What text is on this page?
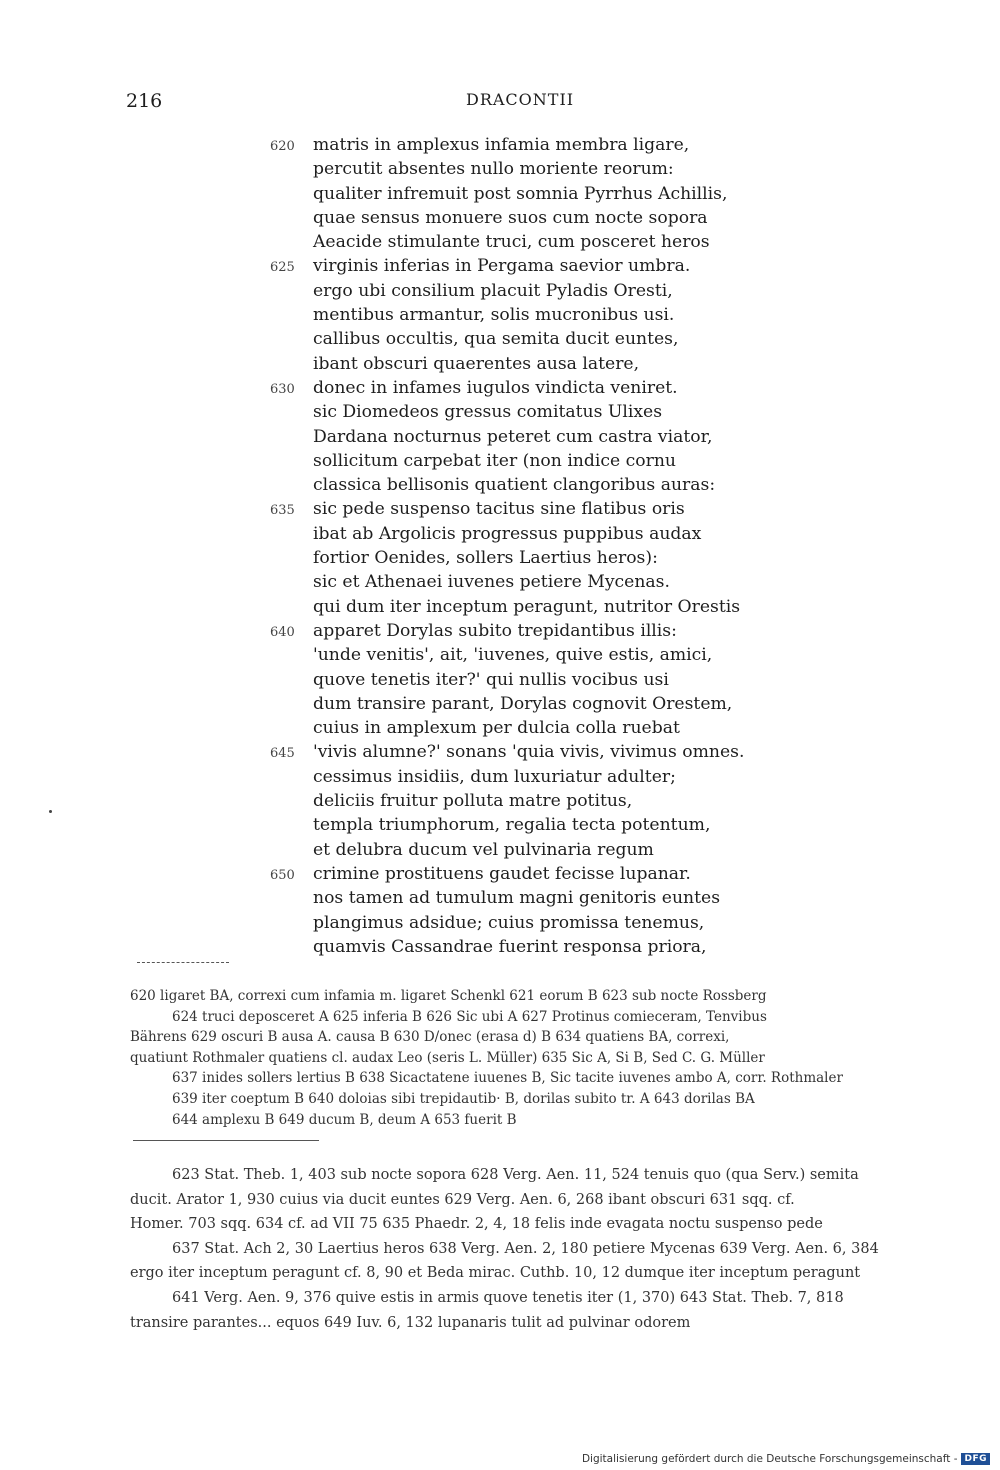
216	DRACONTII
620 matris in amplexus infamia membra ligare,
percutit absentes nullo moriente reorum:
qualiter infremuit post somnia Pyrrhus Achillis,
quae sensus monuere suos cum nocte sopora
Aeacide stimulante truci, cum posceret heros
625 virginis inferias in Pergama saevior umbra.
ergo ubi consilium placuit Pyladis Oresti,
mentibus armantur, solis mucronibus usi.
callibus occultis, qua semita ducit euntes,
ibant obscuri quaerentes ausa latere,
630 donec in infames iugulos vindicta veniret.
sic Diomedeos gressus comitatus Ulixes
Dardana nocturnus peteret cum castra viator,
sollicitum carpebat iter (non indice cornu
classica bellisonis quatient clangoribus auras:
635 sic pede suspenso tacitus sine flatibus oris
ibat ab Argolicis progressus puppibus audax
fortior Oenides, sollers Laertius heros):
sic et Athenaei iuvenes petiere Mycenas.
qui dum iter inceptum peragunt, nutritor Orestis
640 apparet Dorylas subito trepidantibus illis:
'unde venitis', ait, 'iuvenes, quive estis, amici,
quove tenetis iter?' qui nullis vocibus usi
dum transire parant, Dorylas cognovit Orestem,
cuius in amplexum per dulcia colla ruebat
645 'vivis alumne?' sonans 'quia vivis, vivimus omnes.
cessimus insidiis, dum luxuriatur adulter;
deliciis fruitur polluta matre potitus,
templa triumphorum, regalia tecta potentum,
et delubra ducum vel pulvinaria regum
650 crimine prostituens gaudet fecisse lupanar.
nos tamen ad tumulum magni genitoris euntes
plangimus adsidue; cuius promissa tenemus,
quamvis Cassandrae fuerint responsa priora,
620 ligaret BA, correxi cum infamia m. ligaret Schenkl 621 eorum B 623 sub nocte Rossberg
624 truci deposceret A 625 inferia B 626 Sic ubi A 627 Protinus comieceram, Tenvibus
Bährens 629 oscuri B ausa A. causa B 630 D/onec (erasa d) B 634 quatiens BA, correxi,
quatiunt Rothmaler quatiens cl. audax Leo (seris L. Müller) 635 Sic A, Si B, Sed C. G. Müller
637 inides sollers lertius B 638 Sicactatene iuuenes B, Sic tacite iuvenes ambo A, corr. Rothmaler
639 iter coeptum B 640 doloias sibi trepidautib· B, dorilas subito tr. A 643 dorilas BA
644 amplexu B 649 ducum B, deum A 653 fuerit B
623 Stat. Theb. 1, 403 sub nocte sopora 628 Verg. Aen. 11, 524 tenuis quo (qua Serv.) semita
ducit. Arator 1, 930 cuius via ducit euntes 629 Verg. Aen. 6, 268 ibant obscuri 631 sqq. cf.
Homer. 703 sqq. 634 cf. ad VII 75 635 Phaedr. 2, 4, 18 felis inde evagata noctu suspenso pede
637 Stat. Ach 2, 30 Laertius heros 638 Verg. Aen. 2, 180 petiere Mycenas 639 Verg. Aen. 6, 384
ergo iter inceptum peragunt cf. 8, 90 et Beda mirac. Cuthb. 10, 12 dumque iter inceptum peragunt
641 Verg. Aen. 9, 376 quive estis in armis quove tenetis iter (1, 370) 643 Stat. Theb. 7, 818
transire parantes... equos 649 Iuv. 6, 132 lupanaris tulit ad pulvinar odorem
Digitalisierung gefördert durch die Deutsche Forschungsgemeinschaft - DFG
